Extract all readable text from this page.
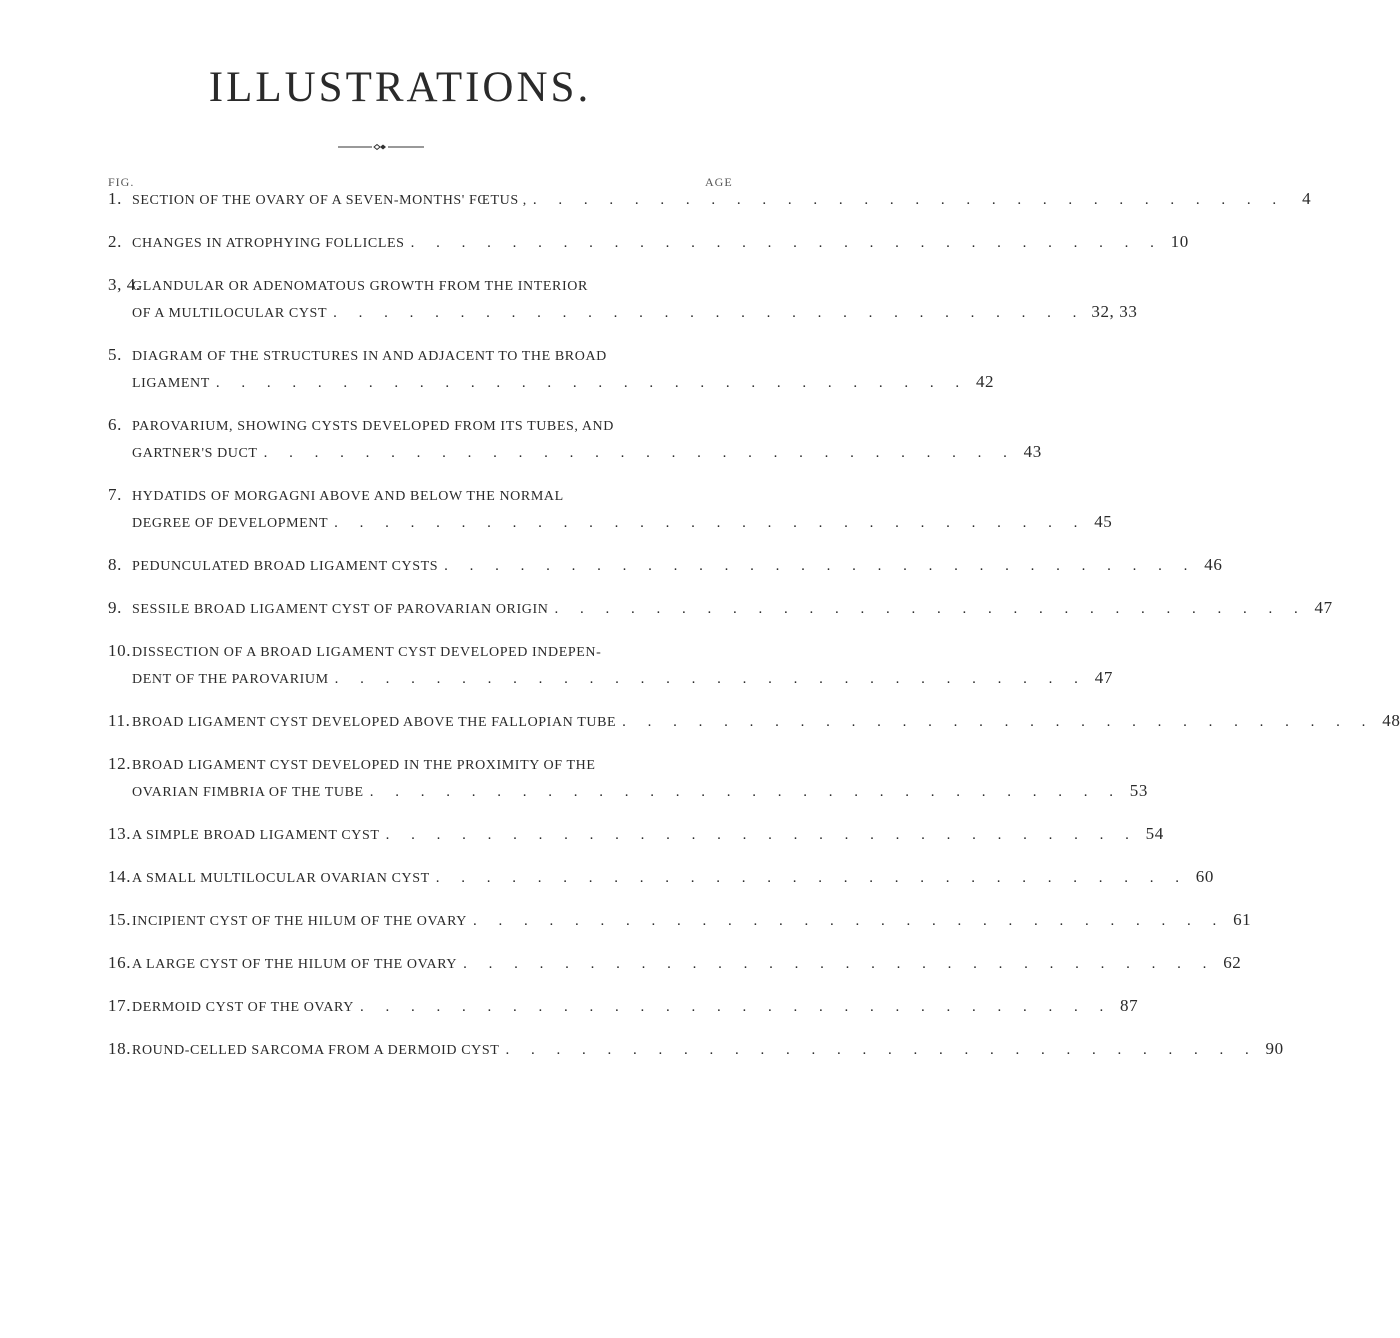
ILLUSTRATIONS.
FIG.	AGE
1. SECTION OF THE OVARY OF A SEVEN-MONTHS' FŒTUS , . . . . . . . . . . . . . . . . . . . . . . . . . . . . . . 4
2. CHANGES IN ATROPHYING FOLLICLES . . . . . . . . . . . . . . . . . . . . . . . . . . . . . . 10
3, 4.
GLANDULAR OR ADENOMATOUS GROWTH FROM THE INTERIOR
OF A MULTILOCULAR CYST . . . . . . . . . . . . . . . . . . . . . . . . . . . . . . 32, 33
5. DIAGRAM OF THE STRUCTURES IN AND ADJACENT TO THE BROAD
LIGAMENT . . . . . . . . . . . . . . . . . . . . . . . . . . . . . . 42
6. PAROVARIUM, SHOWING CYSTS DEVELOPED FROM ITS TUBES, AND
GARTNER'S DUCT . . . . . . . . . . . . . . . . . . . . . . . . . . . . . . 43
7. HYDATIDS OF MORGAGNI ABOVE AND BELOW THE NORMAL
DEGREE OF DEVELOPMENT . . . . . . . . . . . . . . . . . . . . . . . . . . . . . . 45
8. PEDUNCULATED BROAD LIGAMENT CYSTS . . . . . . . . . . . . . . . . . . . . . . . . . . . . . . 46
9. SESSILE BROAD LIGAMENT CYST OF PAROVARIAN ORIGIN . . . . . . . . . . . . . . . . . . . . . . . . . . . . . . 47
10. DISSECTION OF A BROAD LIGAMENT CYST DEVELOPED INDEPEN-
DENT OF THE PAROVARIUM . . . . . . . . . . . . . . . . . . . . . . . . . . . . . . 47
11. BROAD LIGAMENT CYST DEVELOPED ABOVE THE FALLOPIAN TUBE . . . . . . . . . . . . . . . . . . . . . . . . . . . . . . 48
12. BROAD LIGAMENT CYST DEVELOPED IN THE PROXIMITY OF THE
OVARIAN FIMBRIA OF THE TUBE . . . . . . . . . . . . . . . . . . . . . . . . . . . . . . 53
13. A SIMPLE BROAD LIGAMENT CYST . . . . . . . . . . . . . . . . . . . . . . . . . . . . . . 54
14. A SMALL MULTILOCULAR OVARIAN CYST . . . . . . . . . . . . . . . . . . . . . . . . . . . . . . 60
15. INCIPIENT CYST OF THE HILUM OF THE OVARY . . . . . . . . . . . . . . . . . . . . . . . . . . . . . . 61
16. A LARGE CYST OF THE HILUM OF THE OVARY . . . . . . . . . . . . . . . . . . . . . . . . . . . . . . 62
17. DERMOID CYST OF THE OVARY . . . . . . . . . . . . . . . . . . . . . . . . . . . . . . 87
18. ROUND-CELLED SARCOMA FROM A DERMOID CYST . . . . . . . . . . . . . . . . . . . . . . . . . . . . . . 90
